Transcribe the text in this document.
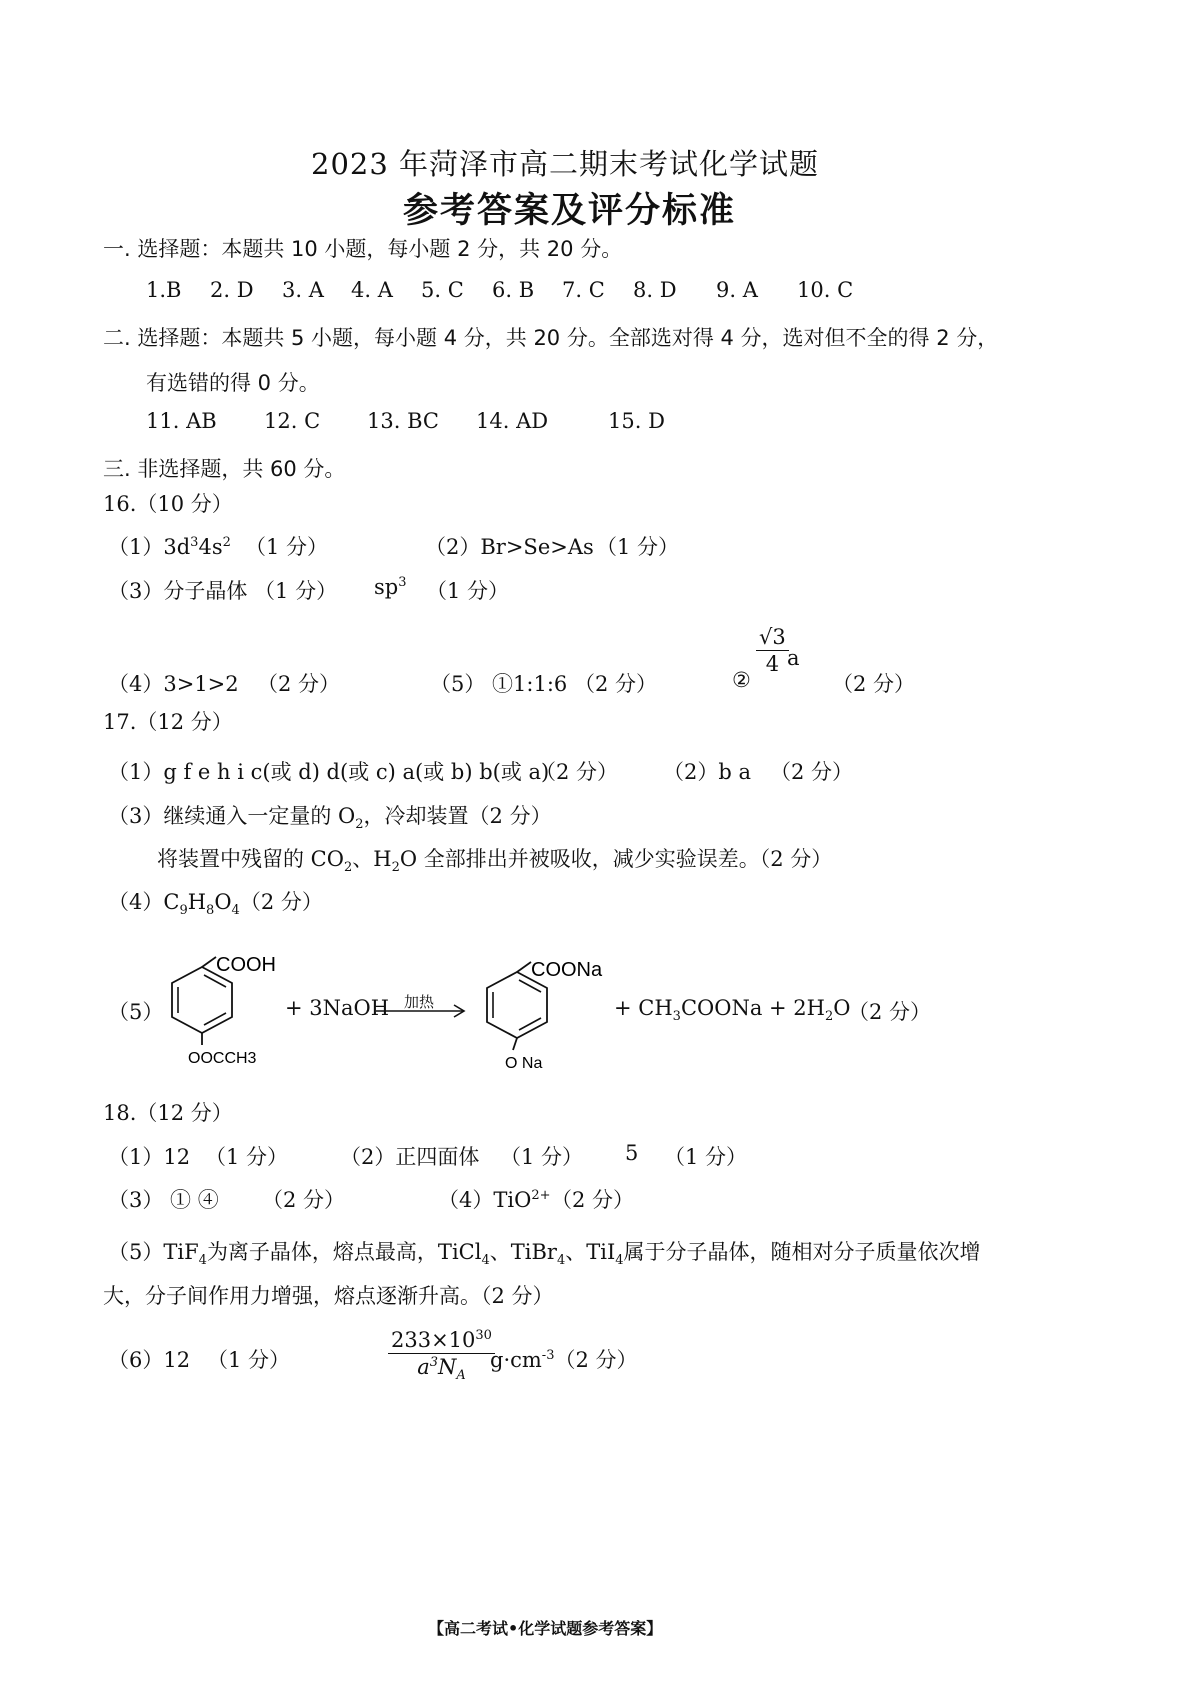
2023 年菏泽市高二期末考试化学试题
参考答案及评分标准
一. 选择题：本题共 10 小题，每小题 2 分，共 20 分。
1.B 2. D 3. A 4. A 5. C 6. B 7. C 8. D 9. A 10. C
二. 选择题：本题共 5 小题，每小题 4 分，共 20 分。全部选对得 4 分，选对但不全的得 2 分，
有选错的得 0 分。
11. AB 12. C 13. BC 14. AD	15. D
三. 非选择题，共 60 分。
16.（10 分）
$(1)3d^34s^2$ （1 分）	（2）Br>Se>As （1 分）
（3）分子晶体 （1 分） $sp^3$ （1 分）
（4）3>1>2 （2 分）	（5） ①1:1:6 （2 分）	②
$\frac{√3}{4}$
a
（2 分）
17.（12 分）
（1）g f e h i c(或 d) d(或 c) a(或 b) b(或 a)
（2 分） （2）b a （2 分）
（3）继续通入一定量的 $O_2$，冷却装置（2 分）
将装置中残留的 $CO_2$、$H_2O$ 全部排出并被吸收，减少实验误差。（2 分）
$(4)C_9H_8O_4(2$ 分）
（5）
COOH
OOCCH3
+ 3NaOH 加热
COONa
O Na
+ $CH_3COONa + 2H_2O$
（2 分）
18.（12 分）
（1）12 （1 分） （2）正四面体 （1 分） 5 （1 分）
（3） ① ④ （2 分）	（4）TiO$^{2+}$ （2 分）
（5）TiF$_4$为离子晶体，熔点最高，TiCl$_4$、TiBr$_4$、TiI$_4$属于分子晶体，随相对分子质量依次增
大，分子间作用力增强，熔点逐渐升高。（2 分）
（6）12 （1 分）	$\frac{233\times 10^{30}}{a^3N_A}$
$g\cdot cm^{-3}(2$ 分）
【高二考试•化学试题参考答案】
